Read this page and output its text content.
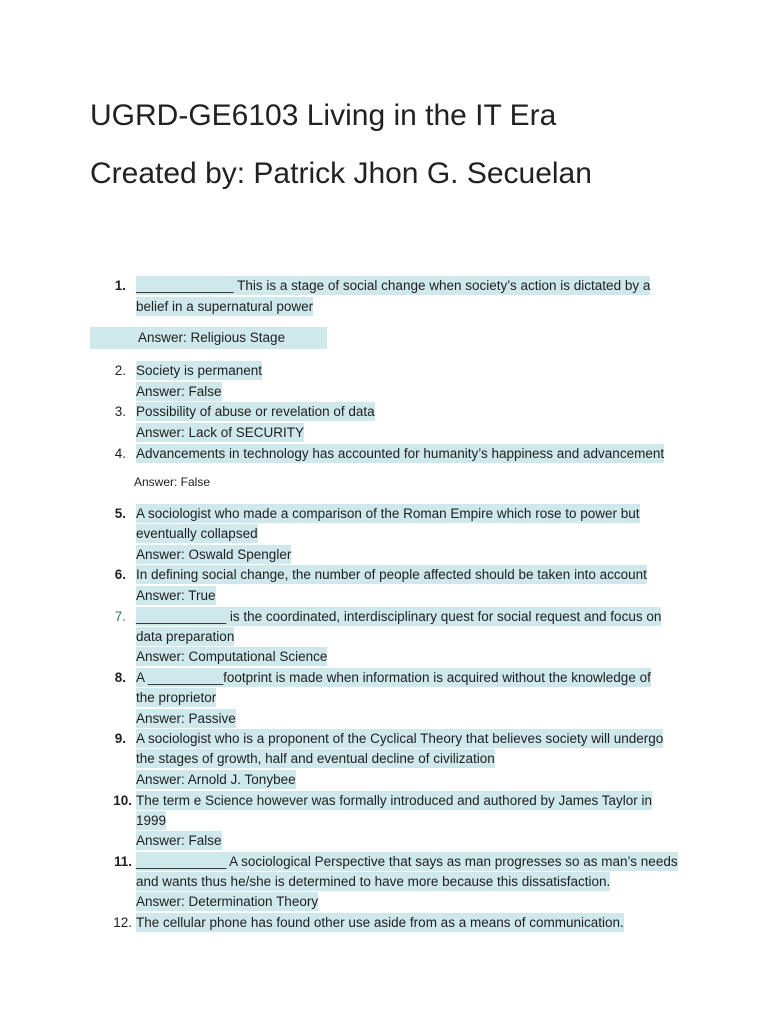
UGRD-GE6103 Living in the IT Era
Created by: Patrick Jhon G. Secuelan
1. _____________ This is a stage of social change when society’s action is dictated by a
belief in a supernatural power
Answer: Religious Stage
2. Society is permanent
Answer: False
3. Possibility of abuse or revelation of data
Answer: Lack of SECURITY
4. Advancements in technology has accounted for humanity’s happiness and advancement
Answer: False
5. A sociologist who made a comparison of the Roman Empire which rose to power but
eventually collapsed
Answer: Oswald Spengler
6. In defining social change, the number of people affected should be taken into account
Answer: True
7. ____________ is the coordinated, interdisciplinary quest for social request and focus on
data preparation
Answer: Computational Science
8. A __________footprint is made when information is acquired without the knowledge of
the proprietor
Answer: Passive
9. A sociologist who is a proponent of the Cyclical Theory that believes society will undergo
the stages of growth, half and eventual decline of civilization
Answer: Arnold J. Tonybee
10. The term e Science however was formally introduced and authored by James Taylor in
1999
Answer: False
11. ____________ A sociological Perspective that says as man progresses so as man’s needs
and wants thus he/she is determined to have more because this dissatisfaction.
Answer: Determination Theory
12. The cellular phone has found other use aside from as a means of communication.
